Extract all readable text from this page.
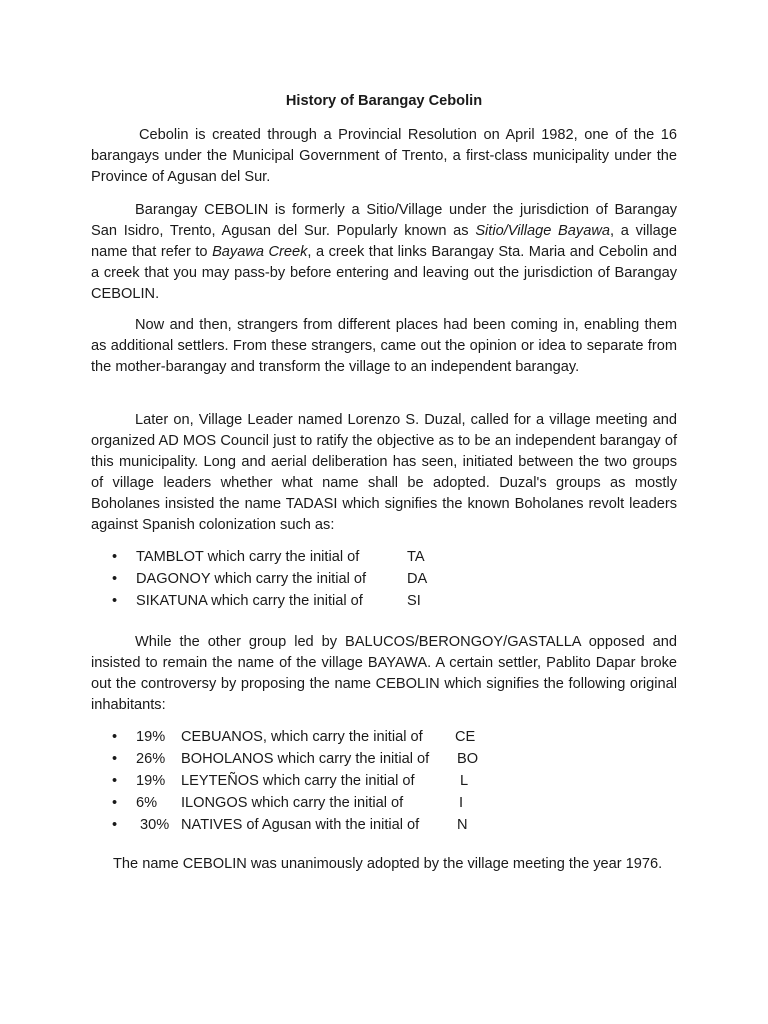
History of Barangay Cebolin

Cebolin is created through a Provincial Resolution on April 1982, one of the 16 barangays under the Municipal Government of Trento, a first-class municipality under the Province of Agusan del Sur.

Barangay CEBOLIN is formerly a Sitio/Village under the jurisdiction of Barangay San Isidro, Trento, Agusan del Sur. Popularly known as Sitio/Village Bayawa, a village name that refer to Bayawa Creek, a creek that links Barangay Sta. Maria and Cebolin and a creek that you may pass-by before entering and leaving out the jurisdiction of Barangay CEBOLIN.

Now and then, strangers from different places had been coming in, enabling them as additional settlers. From these strangers, came out the opinion or idea to separate from the mother-barangay and transform the village to an independent barangay.

Later on, Village Leader named Lorenzo S. Duzal, called for a village meeting and organized AD MOS Council just to ratify the objective as to be an independent barangay of this municipality. Long and aerial deliberation has seen, initiated between the two groups of village leaders whether what name shall be adopted. Duzal's groups as mostly Boholanes insisted the name TADASI which signifies the known Boholanes revolt leaders against Spanish colonization such as:

• TAMBLOT which carry the initial of	TA
• DAGONOY which carry the initial of	DA
• SIKATUNA which carry the initial of	SI

While the other group led by BALUCOS/BERONGOY/GASTALLA opposed and insisted to remain the name of the village BAYAWA. A certain settler, Pablito Dapar broke out the controversy by proposing the name CEBOLIN which signifies the following original inhabitants:

• 19% CEBUANOS, which carry the initial of CE
• 26% BOHOLANOS which carry the initial of BO
• 19% LEYTEÑOS which carry the initial of	L
• 6% ILONGOS which carry the initial of	I
• 30% NATIVES of Agusan with the initial of	N

The name CEBOLIN was unanimously adopted by the village meeting the year 1976.
